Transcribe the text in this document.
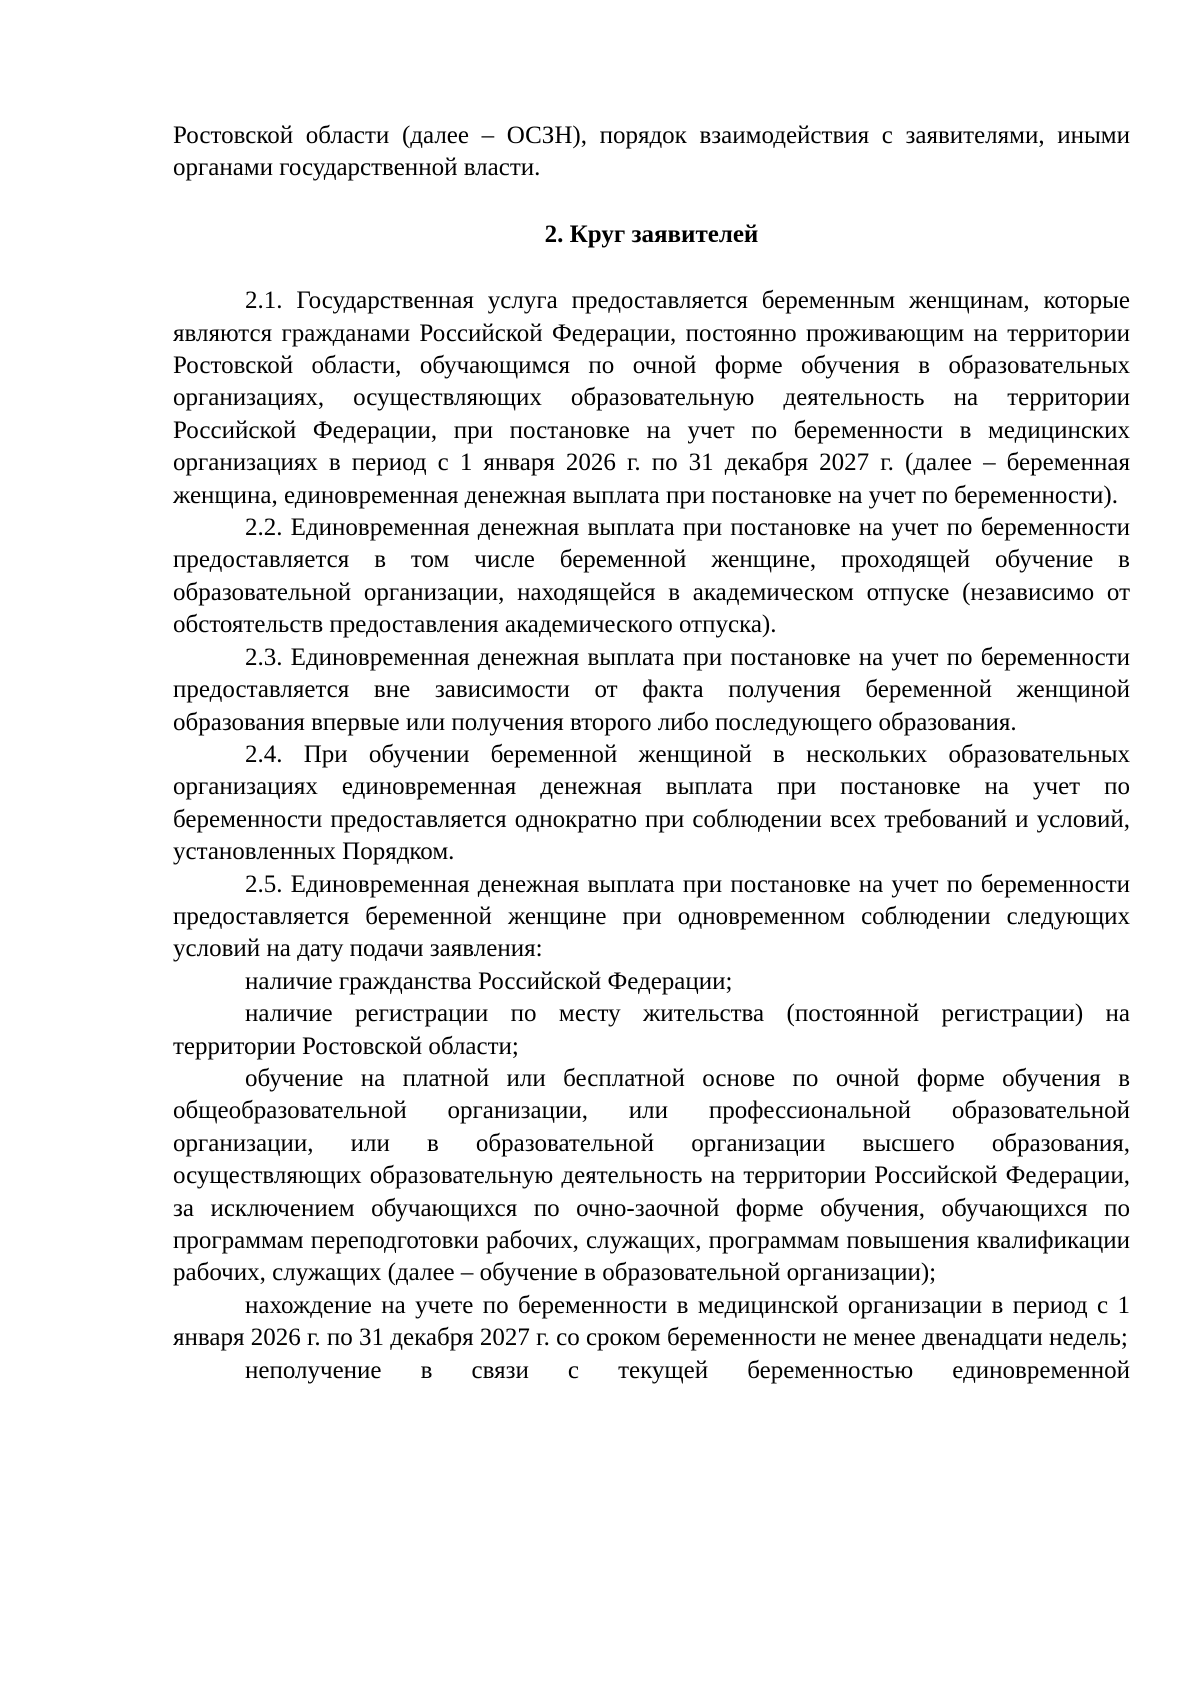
Ростовской области (далее – ОСЗН), порядок взаимодействия с заявителями, иными органами государственной власти.

2. Круг заявителей

2.1. Государственная услуга предоставляется беременным женщинам, которые являются гражданами Российской Федерации, постоянно проживающим на территории Ростовской области, обучающимся по очной форме обучения в образовательных организациях, осуществляющих образовательную деятельность на территории Российской Федерации, при постановке на учет по беременности в медицинских организациях в период с 1 января 2026 г. по 31 декабря 2027 г. (далее – беременная женщина, единовременная денежная выплата при постановке на учет по беременности).

2.2. Единовременная денежная выплата при постановке на учет по беременности предоставляется в том числе беременной женщине, проходящей обучение в образовательной организации, находящейся в академическом отпуске (независимо от обстоятельств предоставления академического отпуска).

2.3. Единовременная денежная выплата при постановке на учет по беременности предоставляется вне зависимости от факта получения беременной женщиной образования впервые или получения второго либо последующего образования.

2.4. При обучении беременной женщиной в нескольких образовательных организациях единовременная денежная выплата при постановке на учет по беременности предоставляется однократно при соблюдении всех требований и условий, установленных Порядком.

2.5. Единовременная денежная выплата при постановке на учет по беременности предоставляется беременной женщине при одновременном соблюдении следующих условий на дату подачи заявления:

наличие гражданства Российской Федерации;

наличие регистрации по месту жительства (постоянной регистрации) на территории Ростовской области;

обучение на платной или бесплатной основе по очной форме обучения в общеобразовательной организации, или профессиональной образовательной организации, или в образовательной организации высшего образования, осуществляющих образовательную деятельность на территории Российской Федерации, за исключением обучающихся по очно-заочной форме обучения, обучающихся по программам переподготовки рабочих, служащих, программам повышения квалификации рабочих, служащих (далее – обучение в образовательной организации);

нахождение на учете по беременности в медицинской организации в период с 1 января 2026 г. по 31 декабря 2027 г. со сроком беременности не менее двенадцати недель;

неполучение в связи с текущей беременностью единовременной
